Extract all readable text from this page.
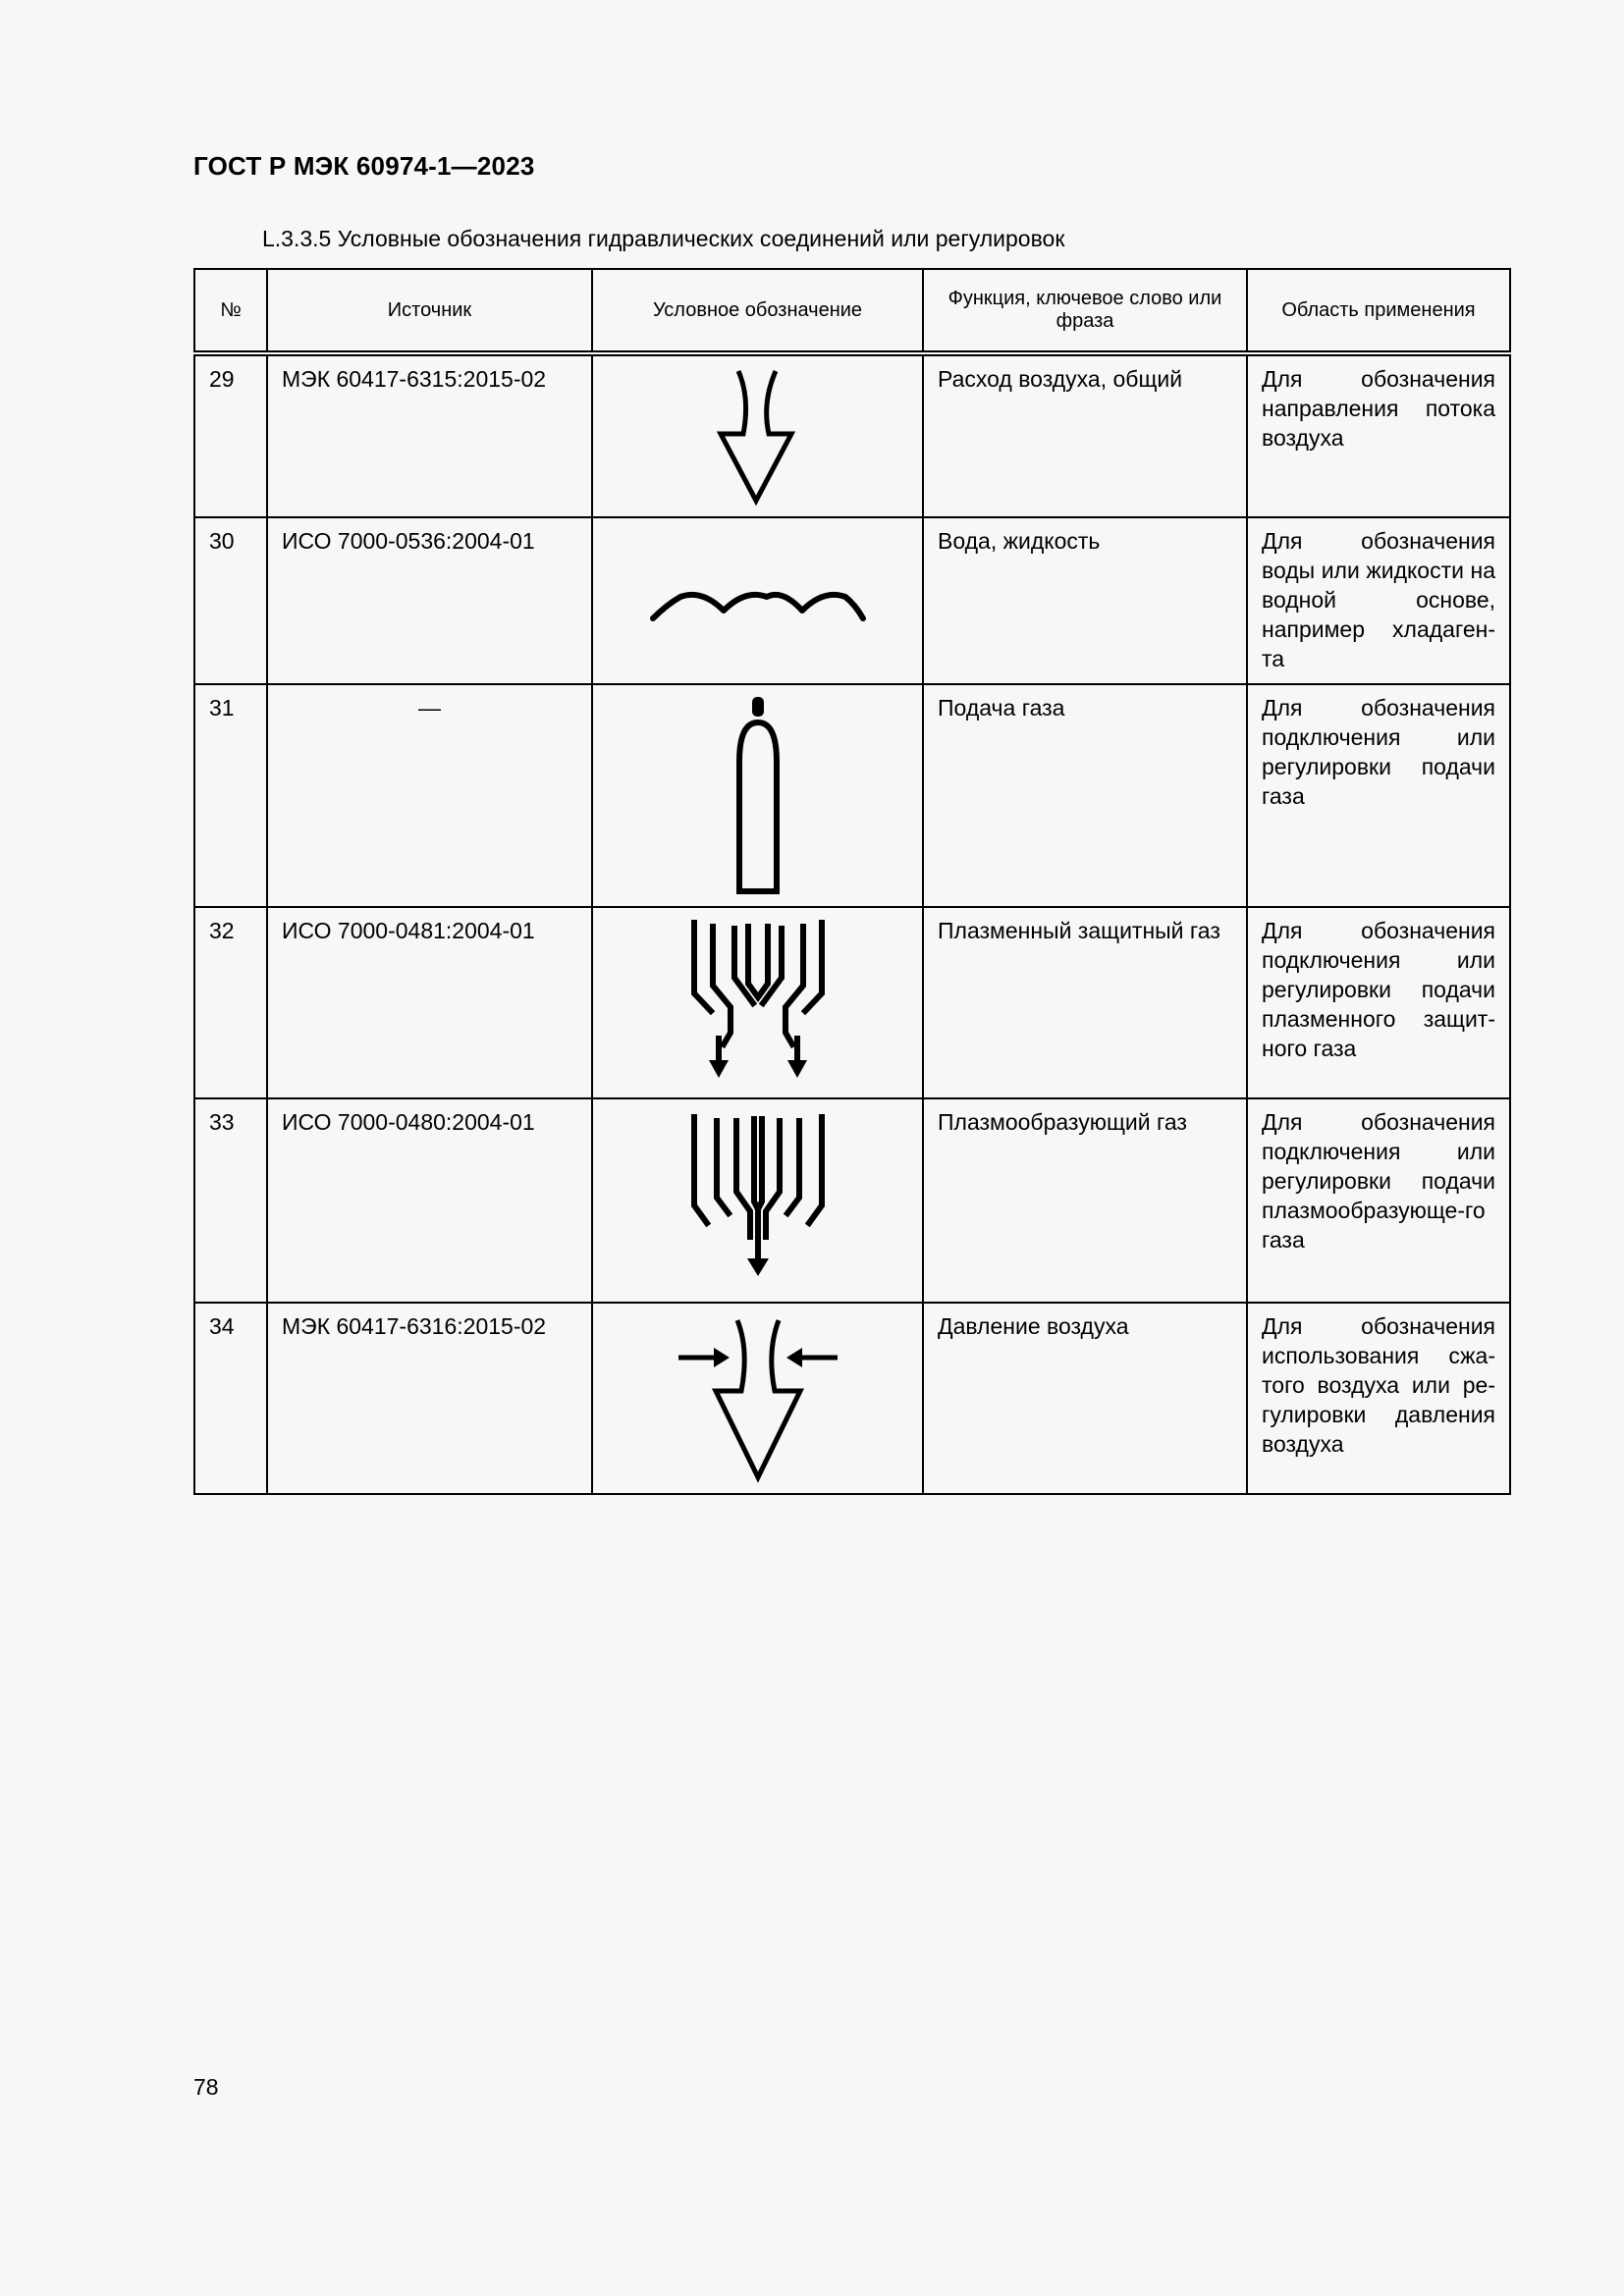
ГОСТ Р МЭК 60974-1—2023
L.3.3.5 Условные обозначения гидравлических соединений или регулировок
№	Источник	Условное обозначение	Функция, ключевое слово или фраза	Область применения
29	МЭК 60417-6315:2015-02		Расход воздуха, общий	Для обозначения направления потока воздуха
30	ИСО 7000-0536:2004-01		Вода, жидкость	Для обозначения воды или жидкости на водной основе, например хладаген-та
31	—		Подача газа	Для обозначения подключения или регулировки подачи газа
32	ИСО 7000-0481:2004-01		Плазменный защитный газ	Для обозначения подключения или регулировки подачи плазменного защит-ного газа
33	ИСО 7000-0480:2004-01		Плазмообразующий газ	Для обозначения подключения или регулировки подачи плазмообразующе-го газа
34	МЭК 60417-6316:2015-02		Давление воздуха	Для обозначения использования сжа-того воздуха или ре-гулировки давления воздуха
78
